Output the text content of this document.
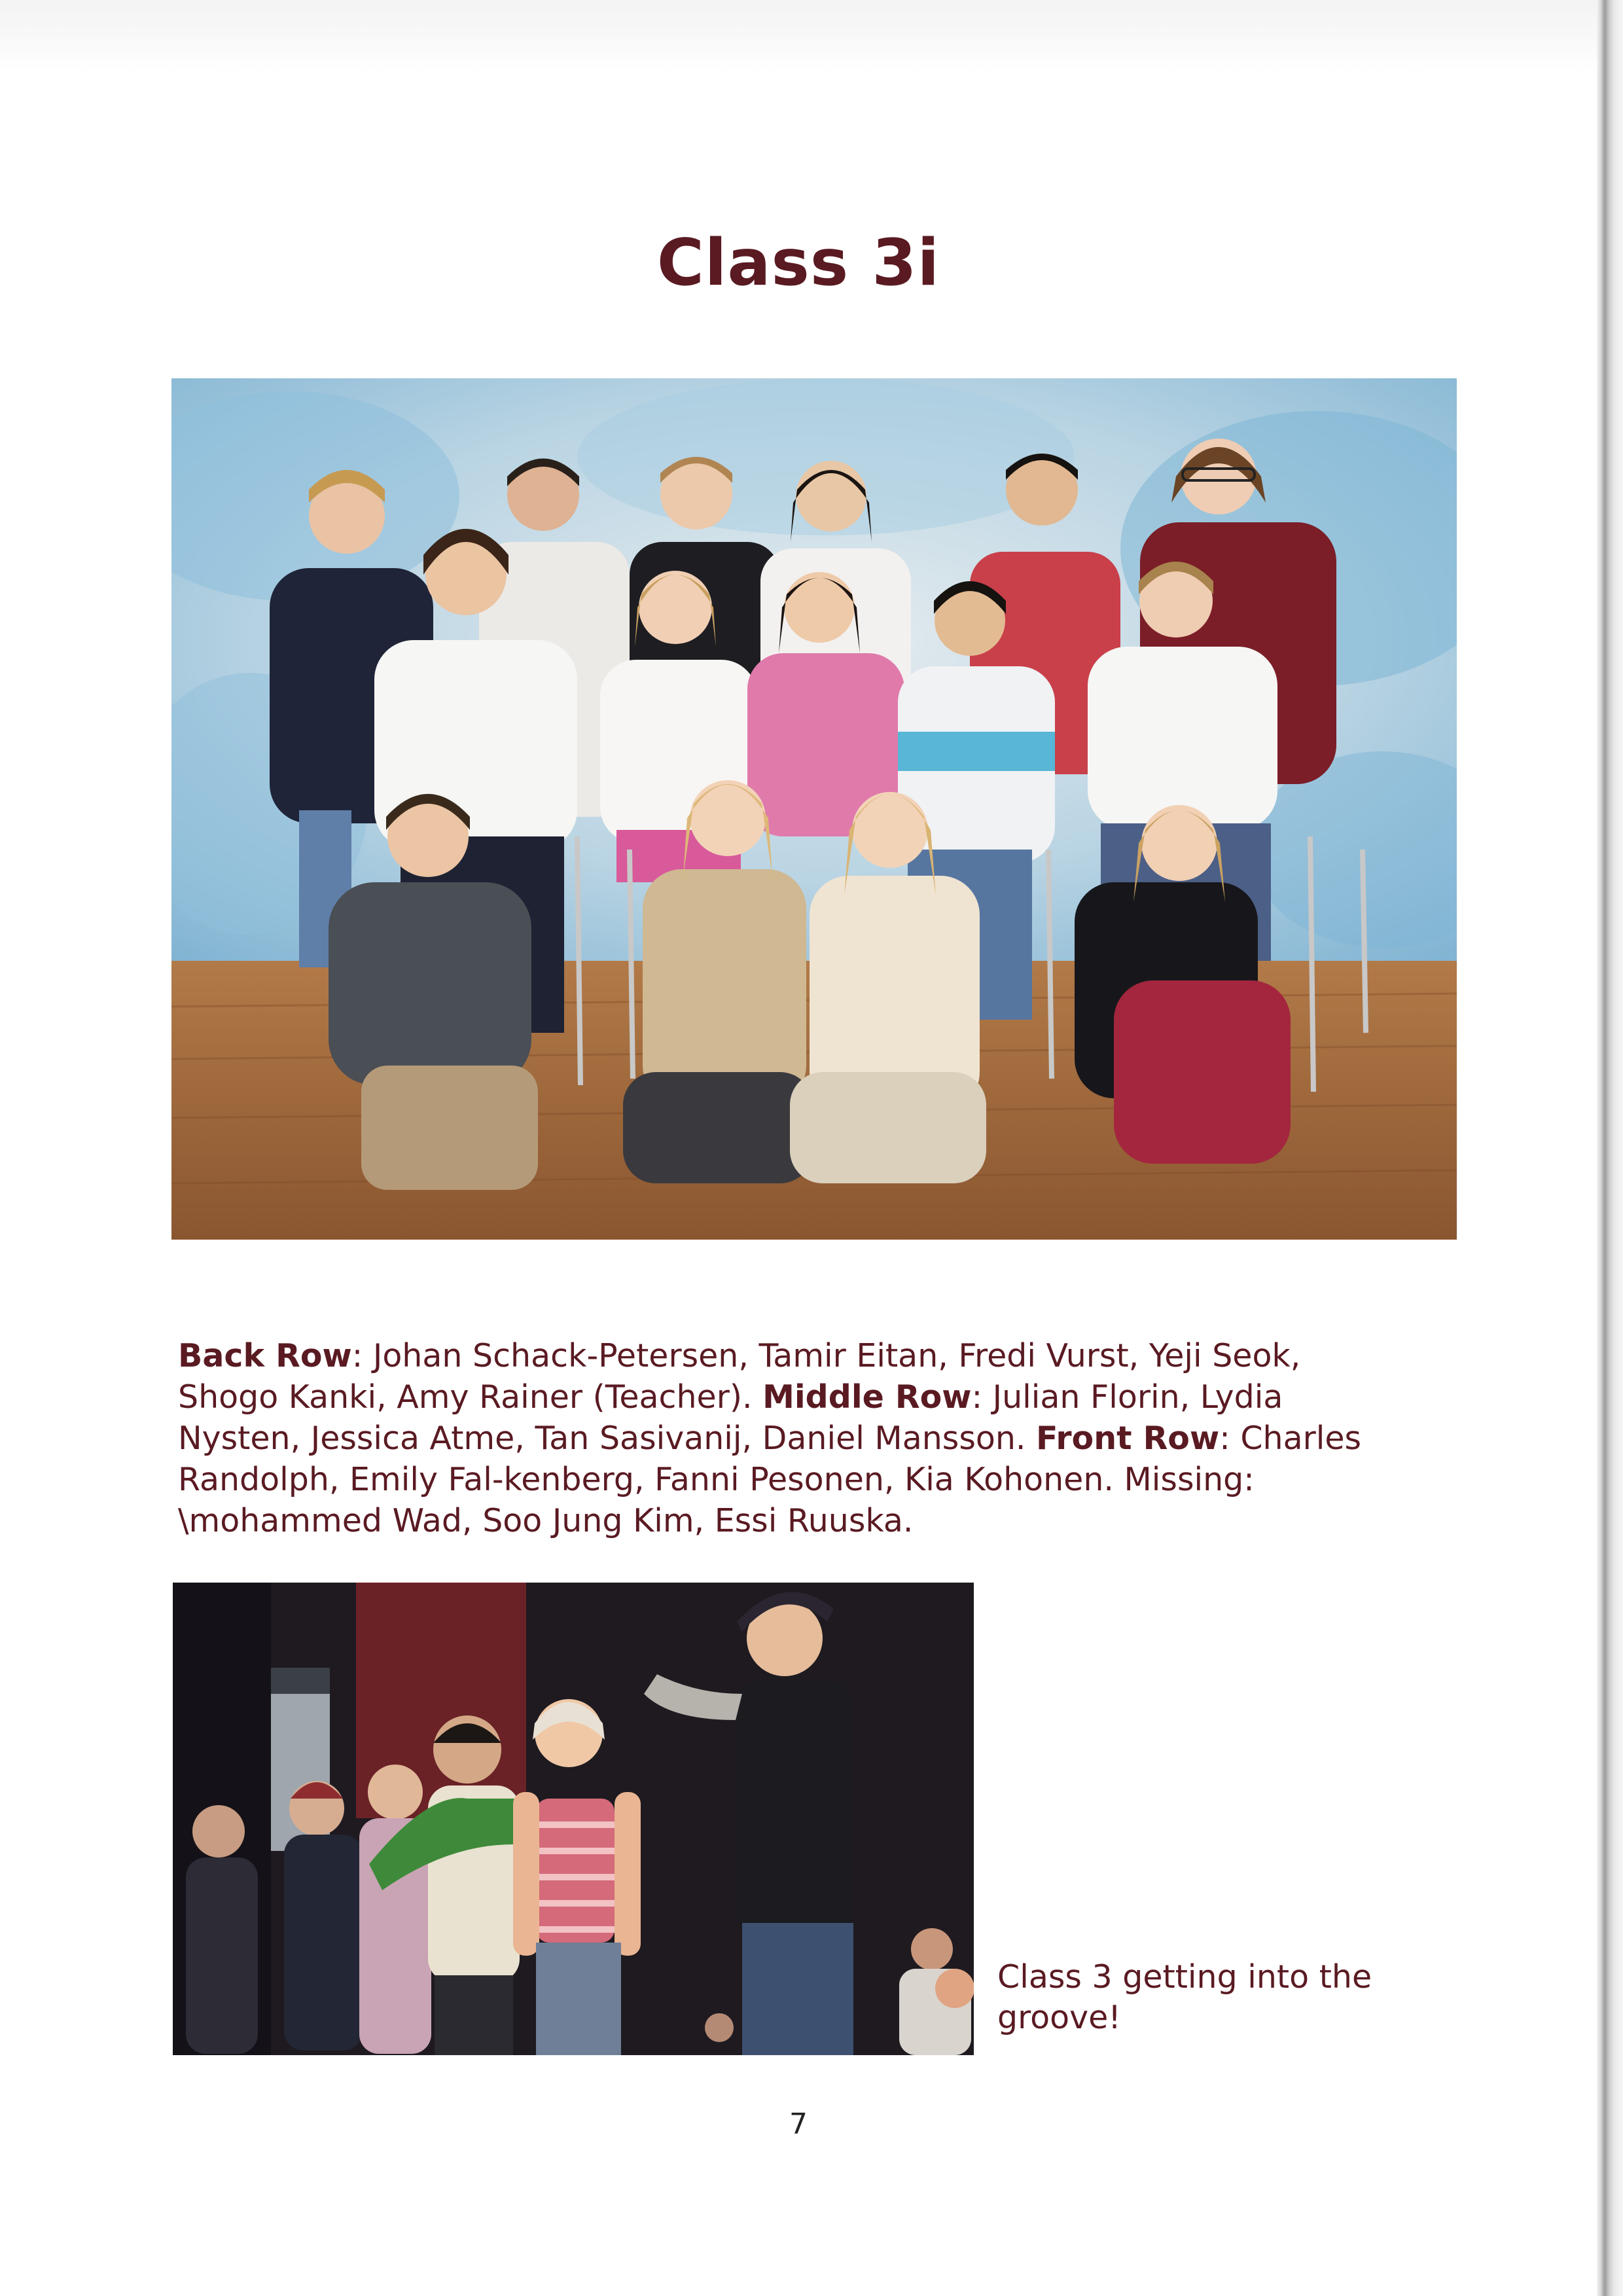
Class 3i

Back Row: Johan Schack-Petersen, Tamir Eitan, Fredi Vurst, Yeji Seok, Shogo Kanki, Amy Rainer (Teacher). Middle Row: Julian Florin, Lydia Nysten, Jessica Atme, Tan Sasivanij, Daniel Mansson. Front Row: Charles Randolph, Emily Fal-kenberg, Fanni Pesonen, Kia Kohonen. Missing: \mohammed Wad, Soo Jung Kim, Essi Ruuska.

Class 3 getting into the groove!

7
